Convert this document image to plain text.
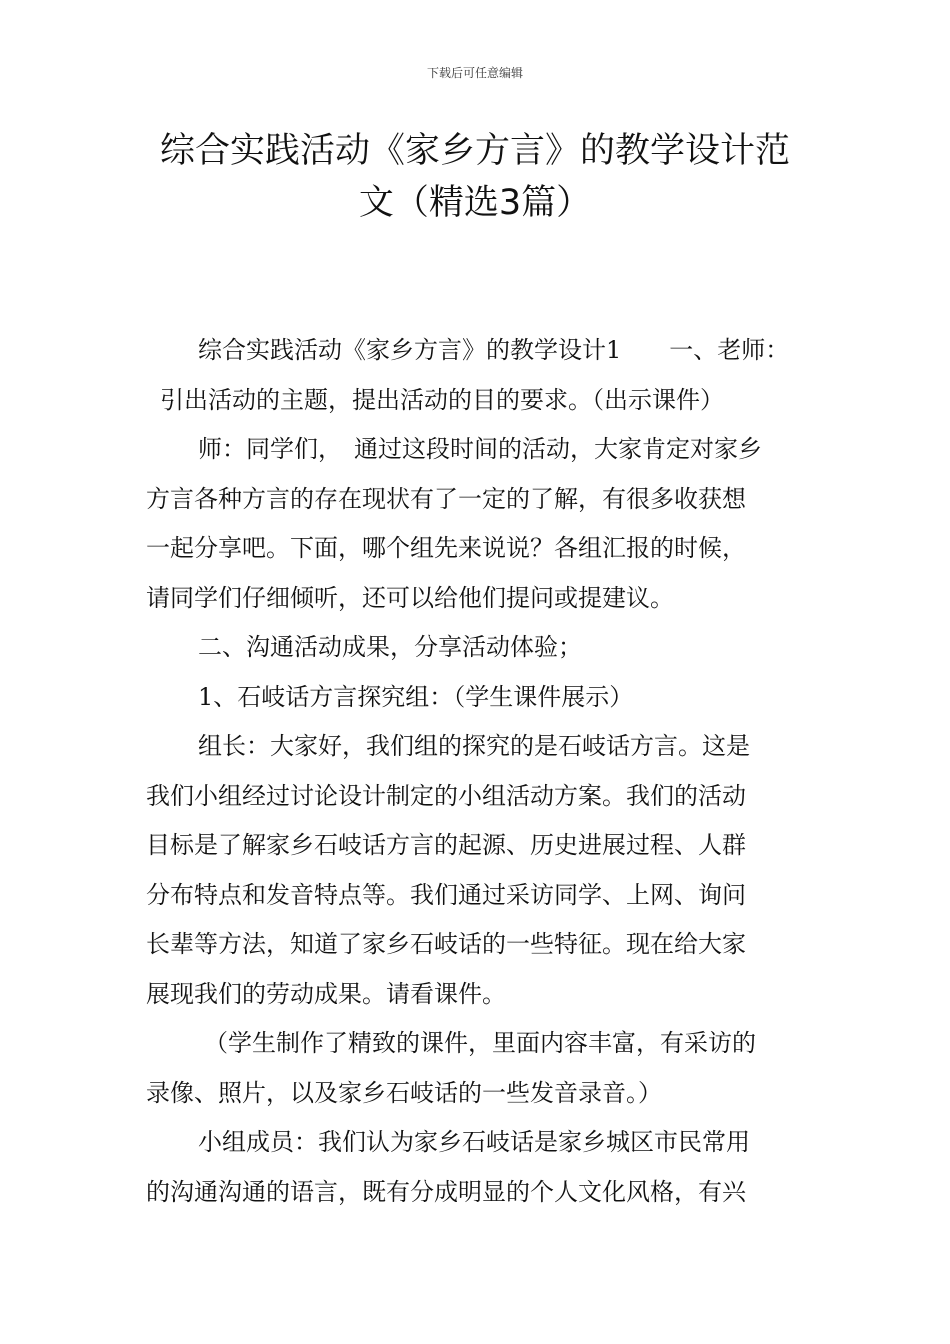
下载后可任意编辑
综合实践活动《家乡方言》的教学设计范
文（精选3篇）
综合实践活动《家乡方言》的教学设计1　　一、老师：
引出活动的主题，提出活动的目的要求。（出示课件）
师：同学们，　通过这段时间的活动，大家肯定对家乡
方言各种方言的存在现状有了一定的了解，有很多收获想
一起分享吧。下面，哪个组先来说说？各组汇报的时候，
请同学们仔细倾听，还可以给他们提问或提建议。
二、沟通活动成果，分享活动体验；
1、石岐话方言探究组：（学生课件展示）
组长：大家好，我们组的探究的是石岐话方言。这是
我们小组经过讨论设计制定的小组活动方案。我们的活动
目标是了解家乡石岐话方言的起源、历史进展过程、人群
分布特点和发音特点等。我们通过采访同学、上网、询问
长辈等方法，知道了家乡石岐话的一些特征。现在给大家
展现我们的劳动成果。请看课件。
（学生制作了精致的课件，里面内容丰富，有采访的
录像、照片，以及家乡石岐话的一些发音录音。）
小组成员：我们认为家乡石岐话是家乡城区市民常用
的沟通沟通的语言，既有分成明显的个人文化风格，有兴
